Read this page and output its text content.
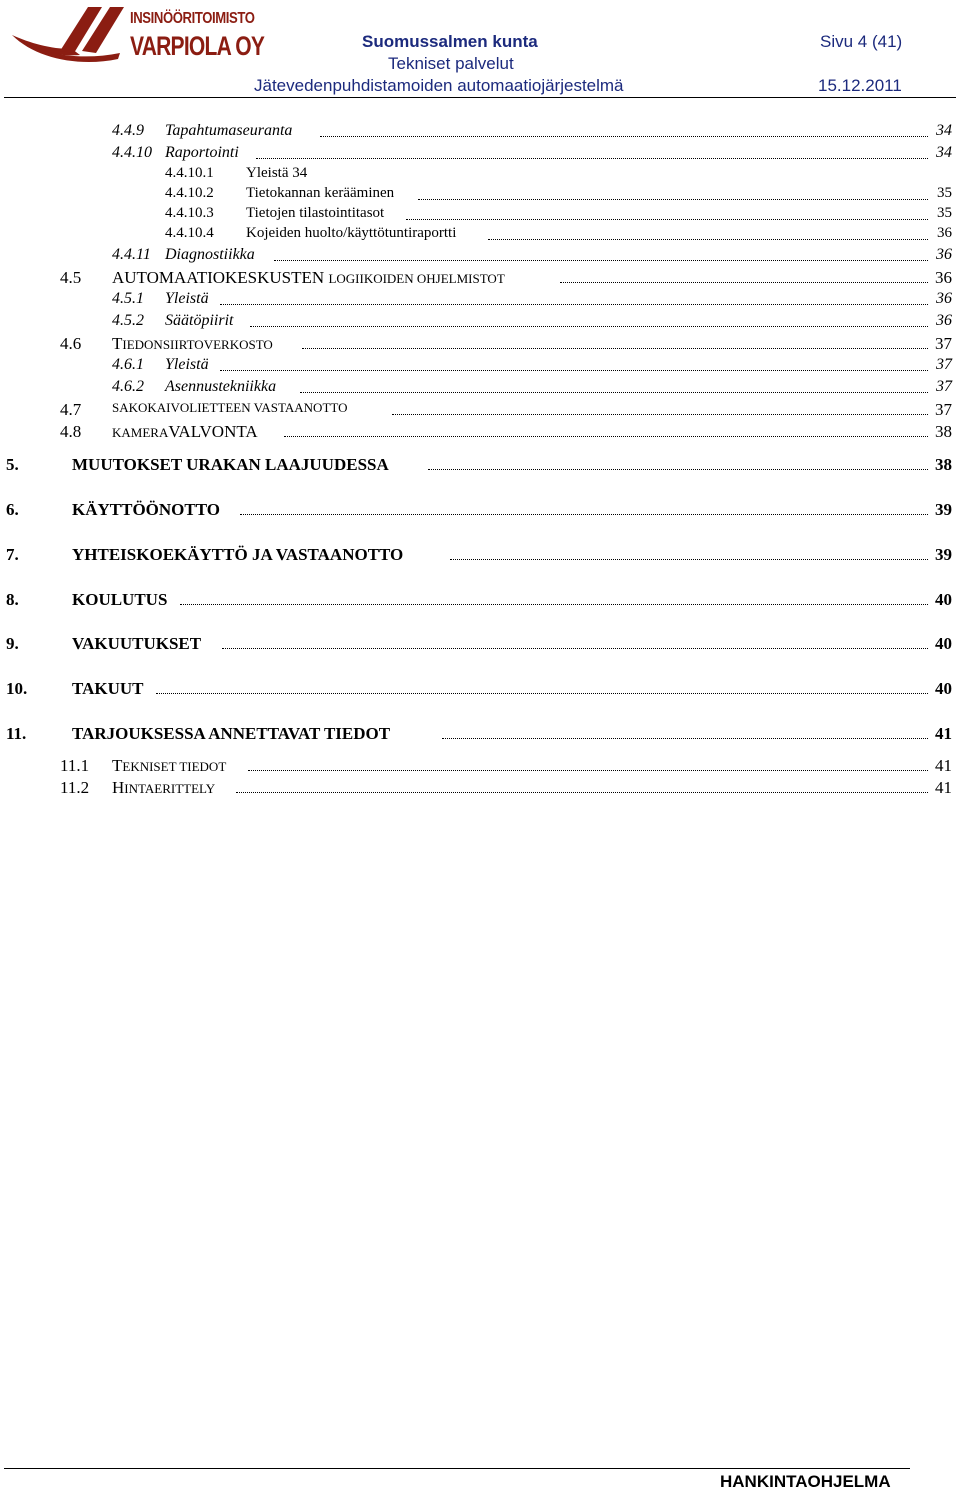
INSINÖÖRITOIMISTO
VARPIOLA OY	Suomussalmen kunta
Tekniset palvelut
Jätevedenpuhdistamoiden automaatiojärjestelmä
Sivu 4 (41)
15.12.2011
4.4.9 Tapahtumaseuranta	34
4.4.10 Raportointi	34
4.4.10.1 Yleistä 34
4.4.10.2 Tietokannan kerääminen	35
4.4.10.3 Tietojen tilastointitasot	35
4.4.10.4 Kojeiden huolto/käyttötuntiraportti	36
4.4.11 Diagnostiikka	36
4.5 AUTOMAATIOKESKUSTEN LOGIIKOIDEN OHJELMISTOT	36
4.5.1 Yleistä	36
4.5.2 Säätöpiirit	36
4.6 TIEDONSIIRTOVERKOSTO	37
4.6.1 Yleistä	37
4.6.2 Asennustekniikka	37
4.7 SAKOKAIVOLIETTEEN VASTAANOTTO	37
4.8 KAMERAVALVONTA	38
5.	MUUTOKSET URAKAN LAAJUUDESSA	38
6.	KÄYTTÖÖNOTTO	39
7.	YHTEISKOEKÄYTTÖ JA VASTAANOTTO	39
8.	KOULUTUS	40
9.	VAKUUTUKSET	40
10.	TAKUUT	40
11.	TARJOUKSESSA ANNETTAVAT TIEDOT	41
11.1 TEKNISET TIEDOT	41
11.2 HINTAERITTELY	41
HANKINTAOHJELMA
